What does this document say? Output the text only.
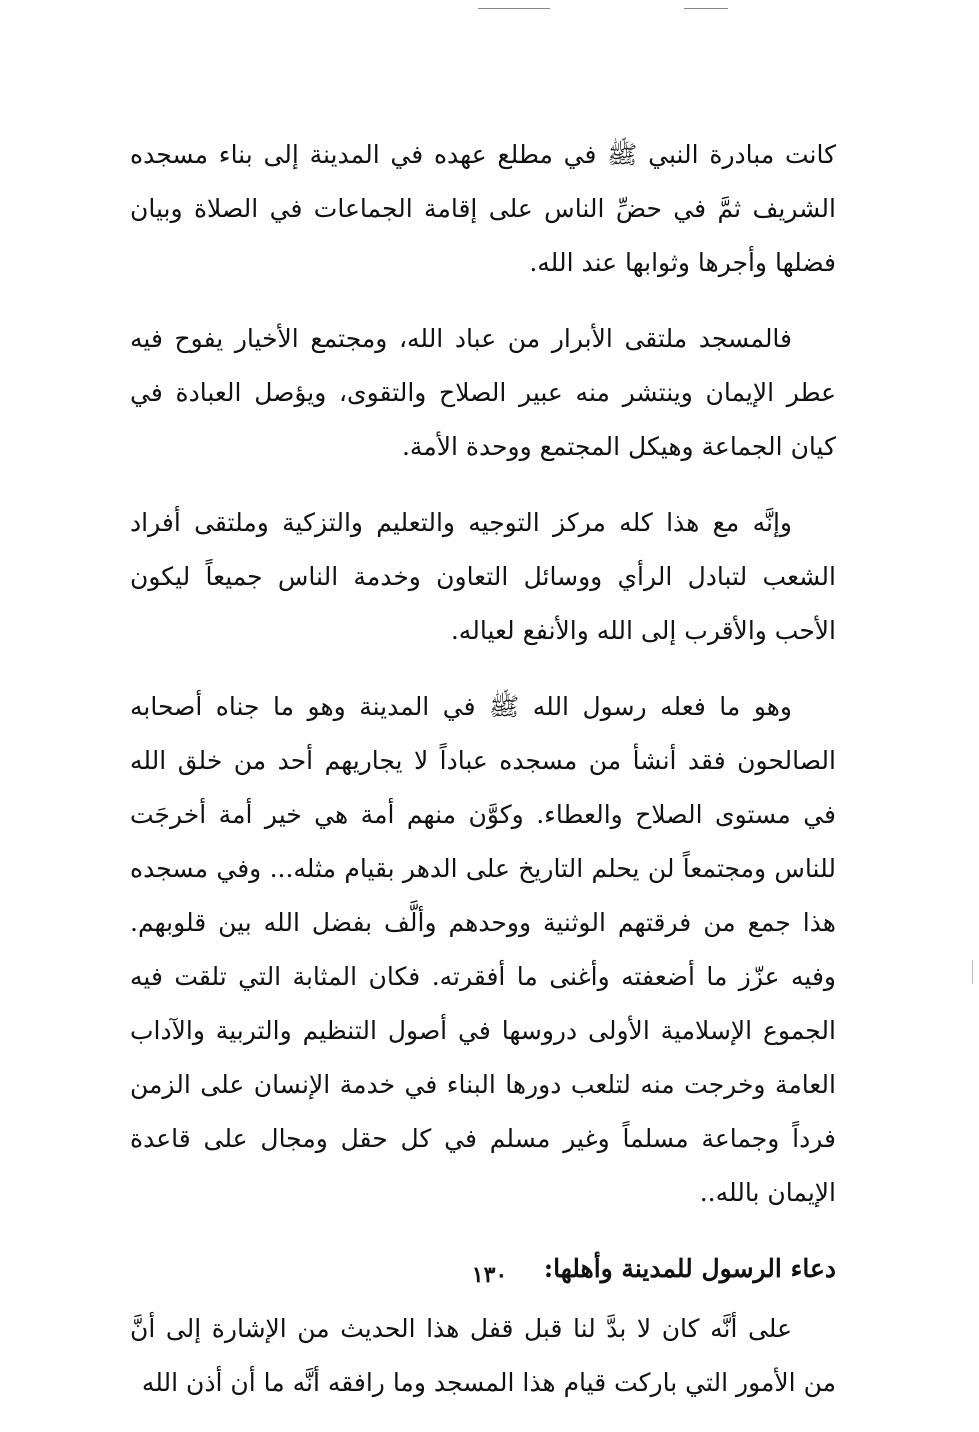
كانت مبادرة النبي ﷺ في مطلع عهده في المدينة إلى بناء مسجده الشريف ثمَّ في حضِّ الناس على إقامة الجماعات في الصلاة وبيان فضلها وأجرها وثوابها عند الله.

فالمسجد ملتقى الأبرار من عباد الله، ومجتمع الأخيار يفوح فيه عطر الإيمان وينتشر منه عبير الصلاح والتقوى، ويؤصل العبادة في كيان الجماعة وهيكل المجتمع ووحدة الأمة.

وإنَّه مع هذا كله مركز التوجيه والتعليم والتزكية وملتقى أفراد الشعب لتبادل الرأي ووسائل التعاون وخدمة الناس جميعاً ليكون الأحب والأقرب إلى الله والأنفع لعياله.

وهو ما فعله رسول الله ﷺ في المدينة وهو ما جناه أصحابه الصالحون فقد أنشأ من مسجده عباداً لا يجاريهم أحد من خلق الله في مستوى الصلاح والعطاء. وكوَّن منهم أمة هي خير أمة أخرجَت للناس ومجتمعاً لن يحلم التاريخ على الدهر بقيام مثله... وفي مسجده هذا جمع من فرقتهم الوثنية ووحدهم وألَّف بفضل الله بين قلوبهم. وفيه عزّز ما أضعفته وأغنى ما أفقرته. فكان المثابة التي تلقت فيه الجموع الإسلامية الأولى دروسها في أصول التنظيم والتربية والآداب العامة وخرجت منه لتلعب دورها البناء في خدمة الإنسان على الزمن فرداً وجماعة مسلماً وغير مسلم في كل حقل ومجال على قاعدة الإيمان بالله..

دعاء الرسول للمدينة وأهلها:

على أنَّه كان لا بدَّ لنا قبل قفل هذا الحديث من الإشارة إلى أنَّ من الأمور التي باركت قيام هذا المسجد وما رافقه أنَّه ما أن أذن الله

١٣٠
